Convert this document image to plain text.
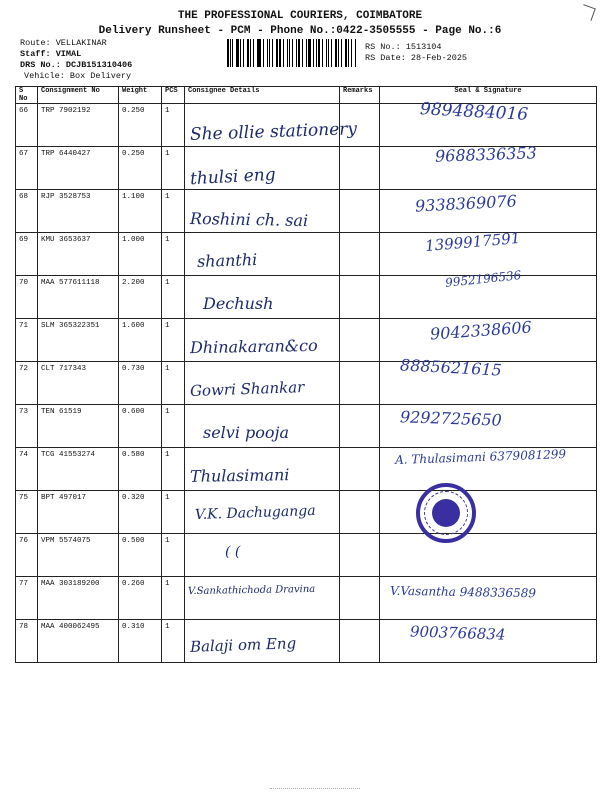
THE PROFESSIONAL COURIERS, COIMBATORE
Delivery Runsheet - PCM - Phone No.:0422-3505555 - Page No.:6
Route: VELLAKINAR
Staff: VIMAL
DRS No.: DCJB151310406
Vehicle: Box Delivery
RS No.: 1513104
RS Date: 28-Feb-2025
S No	Consignment No	Weight	PCS	Consignee Details	Remarks	Seal & Signature
66	TRP 7902192	0.250	1	She ollie stationery		9894884016

67	TRP 6440427	0.250	1	thulsi eng		9688336353

68	RJP 3528753	1.100	1	Roshini ch. sai		9338369076

69	KMU 3653637	1.000	1	shanthi		1399917591

70	MAA 577611118	2.200	1	Dechush		9952196536

71	SLM 365322351	1.600	1	Dhinakaran&co		9042338606

72	CLT 717343	0.730	1	Gowri Shankar		8885621615

73	TEN 61519	0.600	1	selvi pooja		9292725650

74	TCG 41553274	0.580	1	Thulasimani		A. Thulasimani 6379081299

75	BPT 497017	0.320	1	V.K. Dachuganga		

76	VPM 5574075	0.500	1	( (		

77	MAA 303189200	0.260	1	V.Sankathichoda Dravina		V.Vasantha 9488336589

78	MAA 400062495	0.310	1	Balaji om Eng		9003766834
